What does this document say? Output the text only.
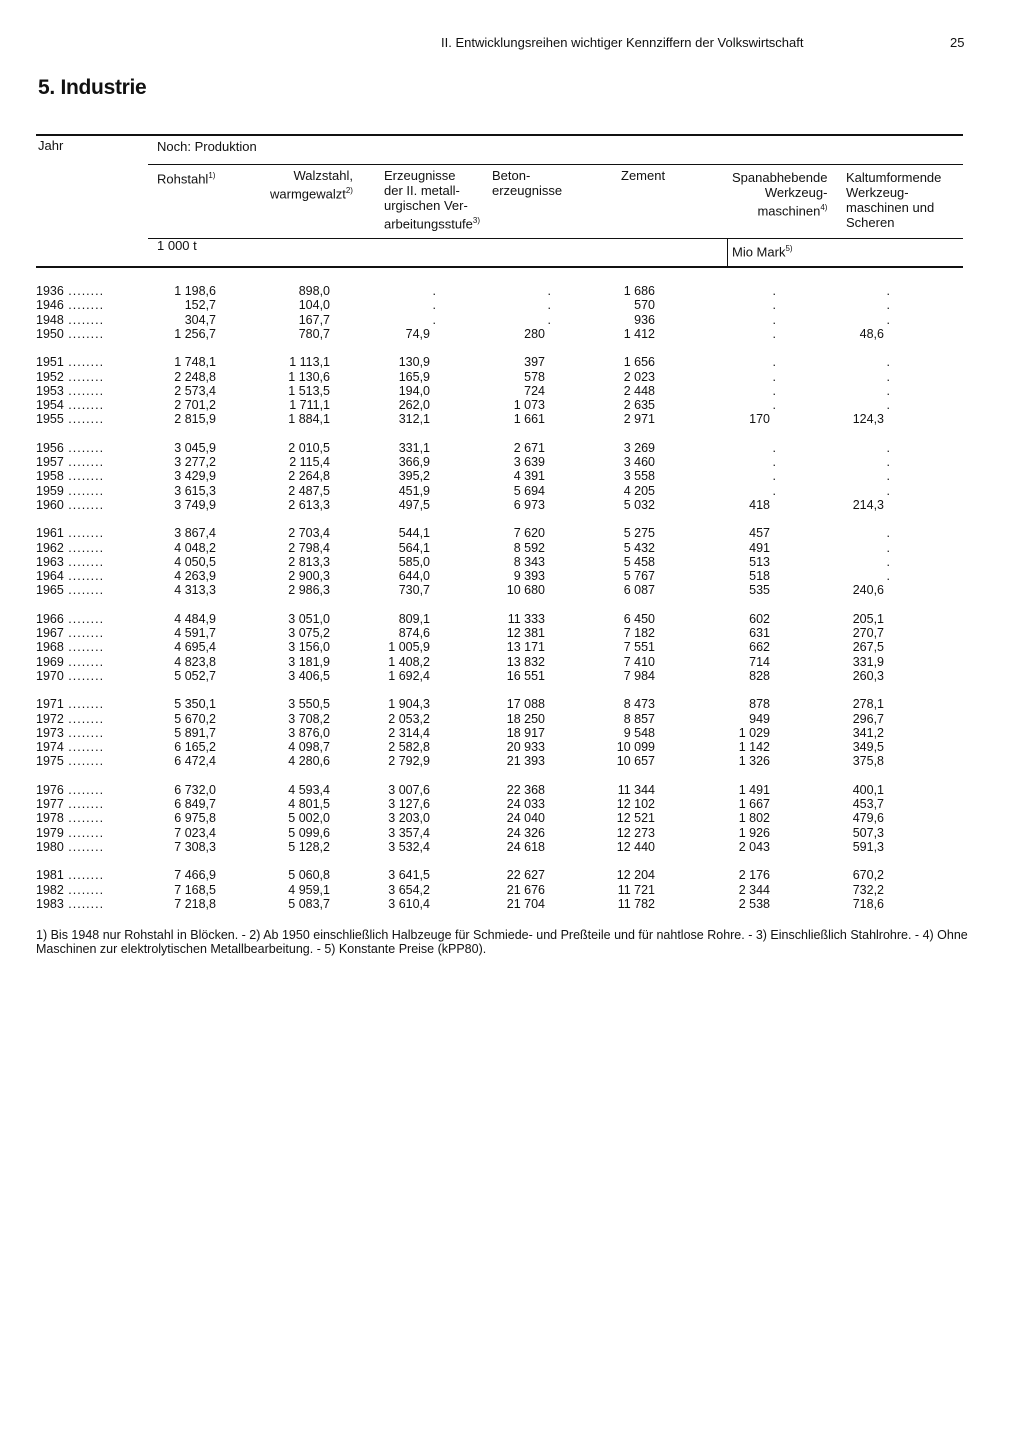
II. Entwicklungsreihen wichtiger Kennziffern der Volkswirtschaft	25
5. Industrie
Jahr	Noch: Produktion
Rohstahl$^{1)}$	Walzstahl,
warmgewalzt$^{2)}$
Erzeugnisse
der II. metall-
urgischen Ver-
arbeitungsstufe$^{3)}$
Beton-
erzeugnisse
Zement	Spanabhebende
Werkzeug-
maschinen$^{4)}$
Kaltumformende
Werkzeug-
maschinen und
Scheren
1 000 t	Mio Mark$^{5)}$
1936 .....	1 198,6	898,0	.	.	1 686	.	.
1946 .....	152,7	104,0	.	.	570	.	.
1948 .....	304,7	167,7	.	.	936	.	.
1950 .....	1 256,7	780,7	74,9	280	1 412	.	48,6
1951 .....	1 748,1	1 113,1	130,9	397	1 656	.	.
1952 .....	2 248,8	1 130,6	165,9	578	2 023	.	.
1953 .....	2 573,4	1 513,5	194,0	724	2 448	.	.
1954 .....	2 701,2	1 711,1	262,0	1 073	2 635	.	.
1955 .....	2 815,9	1 884,1	312,1	1 661	2 971	170	124,3
1956 .....	3 045,9	2 010,5	331,1	2 671	3 269	.	.
1957 .....	3 277,2	2 115,4	366,9	3 639	3 460	.	.
1958 .....	3 429,9	2 264,8	395,2	4 391	3 558	.	.
1959 .....	3 615,3	2 487,5	451,9	5 694	4 205	.	.
1960 .....	3 749,9	2 613,3	497,5	6 973	5 032	418	214,3
1961 .....	3 867,4	2 703,4	544,1	7 620	5 275	457	.
1962 .....	4 048,2	2 798,4	564,1	8 592	5 432	491	.
1963 .....	4 050,5	2 813,3	585,0	8 343	5 458	513	.
1964 .....	4 263,9	2 900,3	644,0	9 393	5 767	518	.
1965 .....	4 313,3	2 986,3	730,7	10 680	6 087	535	240,6
1966 .....	4 484,9	3 051,0	809,1	11 333	6 450	602	205,1
1967 .....	4 591,7	3 075,2	874,6	12 381	7 182	631	270,7
1968 .....	4 695,4	3 156,0	1 005,9	13 171	7 551	662	267,5
1969 .....	4 823,8	3 181,9	1 408,2	13 832	7 410	714	331,9
1970 .....	5 052,7	3 406,5	1 692,4	16 551	7 984	828	260,3
1971 .....	5 350,1	3 550,5	1 904,3	17 088	8 473	878	278,1
1972 .....	5 670,2	3 708,2	2 053,2	18 250	8 857	949	296,7
1973 .....	5 891,7	3 876,0	2 314,4	18 917	9 548	1 029	341,2
1974 .....	6 165,2	4 098,7	2 582,8	20 933	10 099	1 142	349,5
1975 .....	6 472,4	4 280,6	2 792,9	21 393	10 657	1 326	375,8
1976 .....	6 732,0	4 593,4	3 007,6	22 368	11 344	1 491	400,1
1977 .....	6 849,7	4 801,5	3 127,6	24 033	12 102	1 667	453,7
1978 .....	6 975,8	5 002,0	3 203,0	24 040	12 521	1 802	479,6
1979 .....	7 023,4	5 099,6	3 357,4	24 326	12 273	1 926	507,3
1980 .....	7 308,3	5 128,2	3 532,4	24 618	12 440	2 043	591,3
1981 .....	7 466,9	5 060,8	3 641,5	22 627	12 204	2 176	670,2
1982 .....	7 168,5	4 959,1	3 654,2	21 676	11 721	2 344	732,2
1983 .....	7 218,8	5 083,7	3 610,4	21 704	11 782	2 538	718,6
1) Bis 1948 nur Rohstahl in Blöcken. - 2) Ab 1950 einschließlich Halbzeuge für Schmiede- und Preßteile und für nahtlose Rohre. - 3) Einschließlich Stahlrohre. - 4) Ohne Maschinen zur elektrolytischen Metallbearbeitung. - 5) Konstante Preise (kPP80).
